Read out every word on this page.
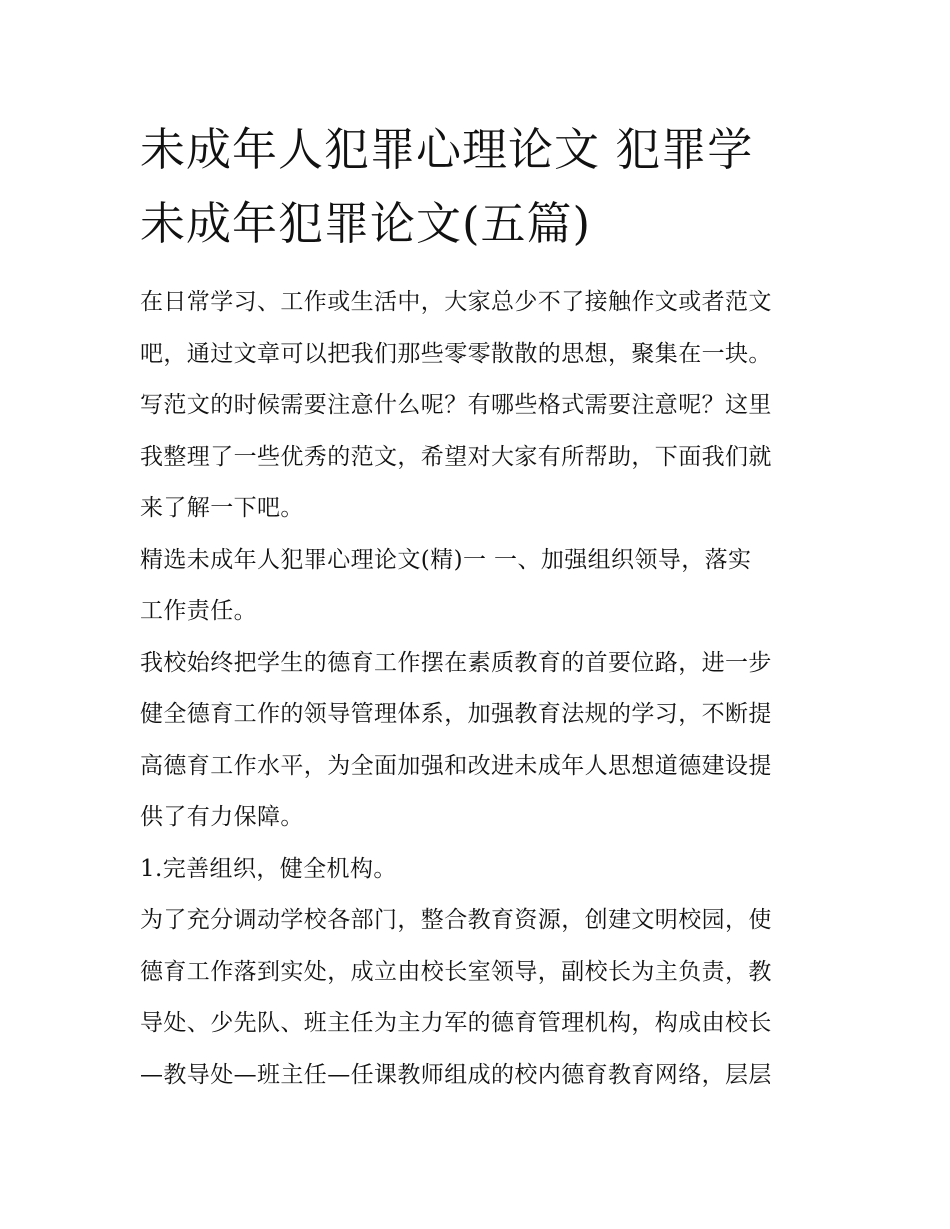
未成年人犯罪心理论文 犯罪学
未成年犯罪论文(五篇)
在日常学习、工作或生活中，大家总少不了接触作文或者范文
吧，通过文章可以把我们那些零零散散的思想，聚集在一块。
写范文的时候需要注意什么呢？有哪些格式需要注意呢？这里
我整理了一些优秀的范文，希望对大家有所帮助，下面我们就
来了解一下吧。
精选未成年人犯罪心理论文(精)一 一、加强组织领导，落实
工作责任。
我校始终把学生的德育工作摆在素质教育的首要位路，进一步
健全德育工作的领导管理体系，加强教育法规的学习，不断提
高德育工作水平，为全面加强和改进未成年人思想道德建设提
供了有力保障。
1.完善组织，健全机构。
为了充分调动学校各部门，整合教育资源，创建文明校园，使
德育工作落到实处，成立由校长室领导，副校长为主负责，教
导处、少先队、班主任为主力军的德育管理机构，构成由校长
—教导处—班主任—任课教师组成的校内德育教育网络，层层
